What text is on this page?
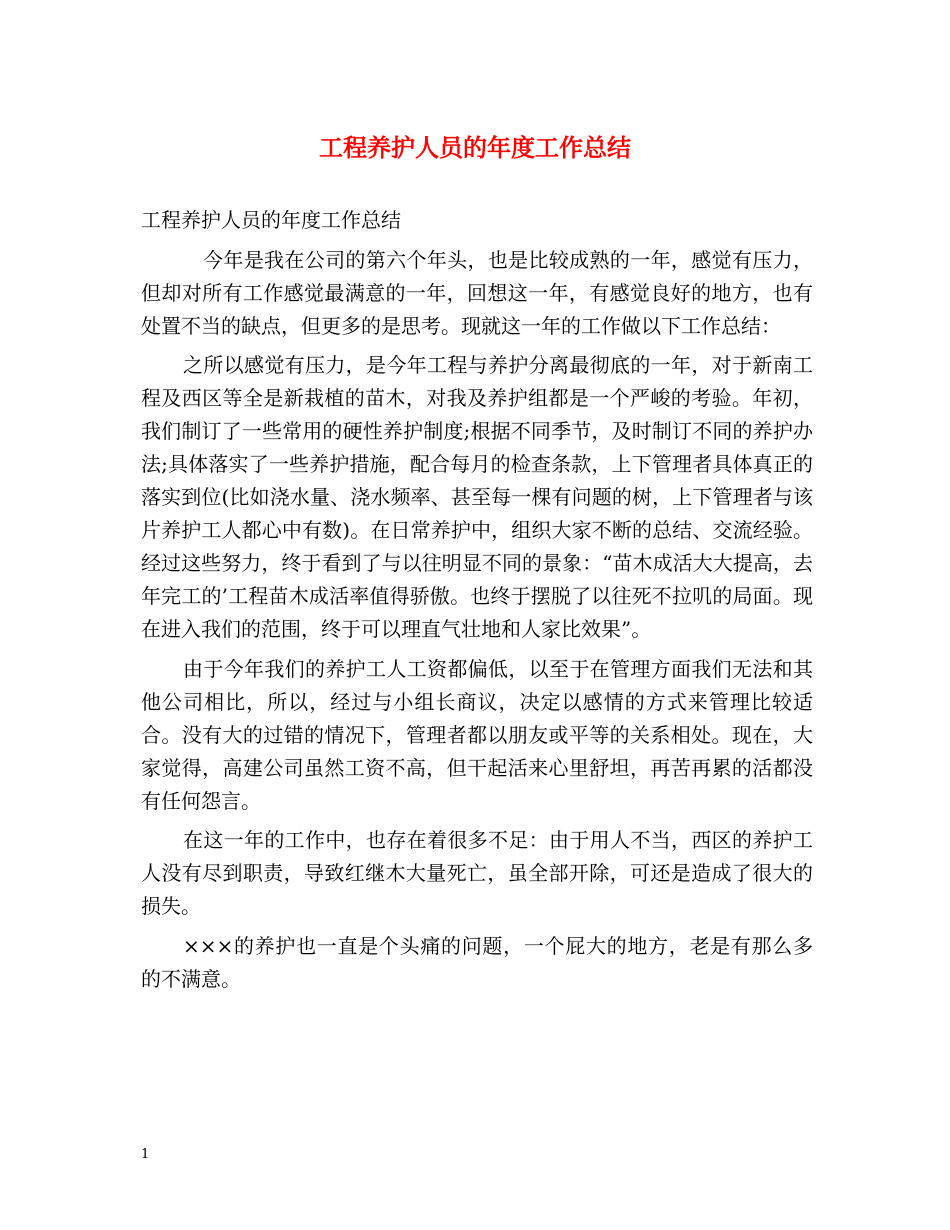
工程养护人员的年度工作总结

工程养护人员的年度工作总结

今年是我在公司的第六个年头，也是比较成熟的一年，感觉有压力，但却对所有工作感觉最满意的一年，回想这一年，有感觉良好的地方，也有处置不当的缺点，但更多的是思考。现就这一年的工作做以下工作总结：

之所以感觉有压力，是今年工程与养护分离最彻底的一年，对于新南工程及西区等全是新栽植的苗木，对我及养护组都是一个严峻的考验。年初，我们制订了一些常用的硬性养护制度;根据不同季节，及时制订不同的养护办法;具体落实了一些养护措施，配合每月的检查条款，上下管理者具体真正的落实到位(比如浇水量、浇水频率、甚至每一棵有问题的树，上下管理者与该片养护工人都心中有数)。在日常养护中，组织大家不断的总结、交流经验。经过这些努力，终于看到了与以往明显不同的景象：“苗木成活大大提高，去年完工的’工程苗木成活率值得骄傲。也终于摆脱了以往死不拉叽的局面。现在进入我们的范围，终于可以理直气壮地和人家比效果”。

由于今年我们的养护工人工资都偏低，以至于在管理方面我们无法和其他公司相比，所以，经过与小组长商议，决定以感情的方式来管理比较适合。没有大的过错的情况下，管理者都以朋友或平等的关系相处。现在，大家觉得，高建公司虽然工资不高，但干起活来心里舒坦，再苦再累的活都没有任何怨言。

在这一年的工作中，也存在着很多不足：由于用人不当，西区的养护工人没有尽到职责，导致红继木大量死亡，虽全部开除，可还是造成了很大的损失。

×××的养护也一直是个头痛的问题，一个屁大的地方，老是有那么多的不满意。

1
